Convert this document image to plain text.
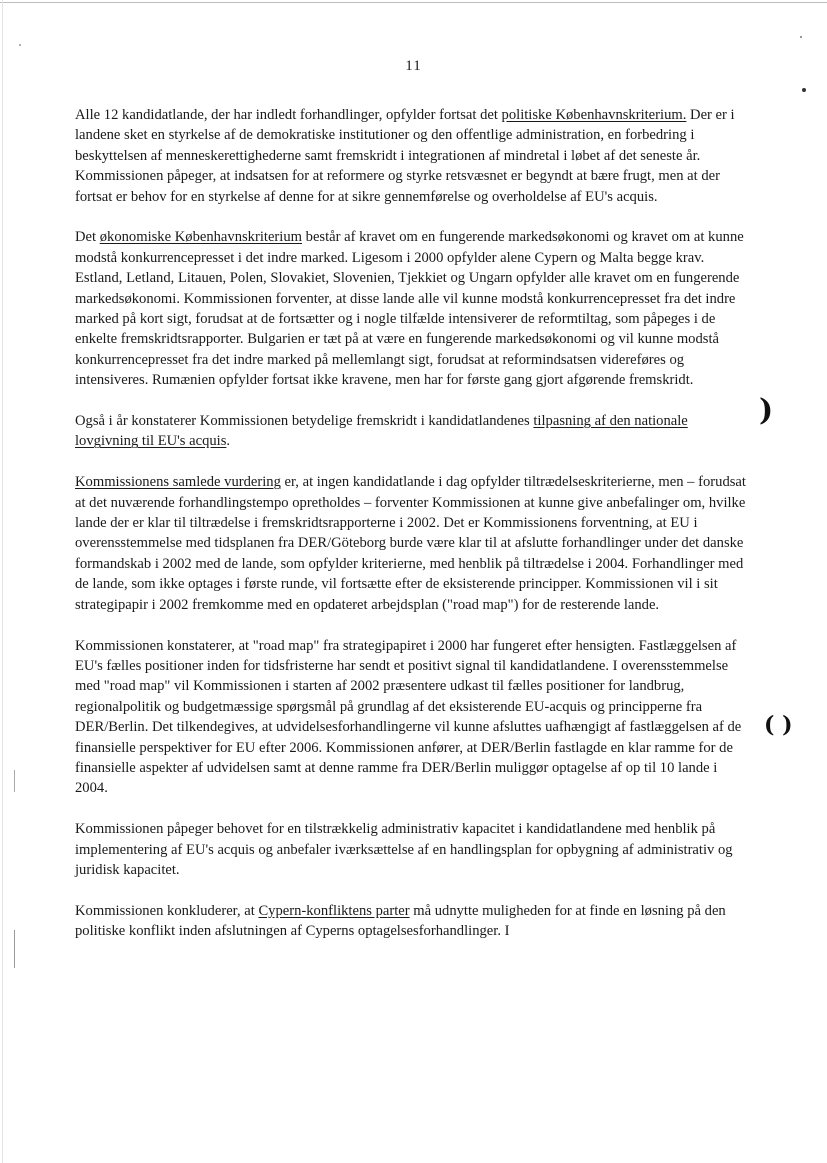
11

Alle 12 kandidatlande, der har indledt forhandlinger, opfylder fortsat det politiske Københavnskriterium. Der er i landene sket en styrkelse af de demokratiske institutioner og den offentlige administration, en forbedring i beskyttelsen af menneskerettighederne samt fremskridt i integrationen af mindretal i løbet af det seneste år. Kommissionen påpeger, at indsatsen for at reformere og styrke retsvæsnet er begyndt at bære frugt, men at der fortsat er behov for en styrkelse af denne for at sikre gennemførelse og overholdelse af EU's acquis.

Det økonomiske Københavnskriterium består af kravet om en fungerende markedsøkonomi og kravet om at kunne modstå konkurrencepresset i det indre marked. Ligesom i 2000 opfylder alene Cypern og Malta begge krav. Estland, Letland, Litauen, Polen, Slovakiet, Slovenien, Tjekkiet og Ungarn opfylder alle kravet om en fungerende markedsøkonomi. Kommissionen forventer, at disse lande alle vil kunne modstå konkurrencepresset fra det indre marked på kort sigt, forudsat at de fortsætter og i nogle tilfælde intensiverer de reformtiltag, som påpeges i de enkelte fremskridtsrapporter. Bulgarien er tæt på at være en fungerende markedsøkonomi og vil kunne modstå konkurrencepresset fra det indre marked på mellemlangt sigt, forudsat at reformindsatsen videreføres og intensiveres. Rumænien opfylder fortsat ikke kravene, men har for første gang gjort afgørende fremskridt.

Også i år konstaterer Kommissionen betydelige fremskridt i kandidatlandenes tilpasning af den nationale lovgivning til EU's acquis.

Kommissionens samlede vurdering er, at ingen kandidatlande i dag opfylder tiltrædelseskriterierne, men – forudsat at det nuværende forhandlingstempo opretholdes – forventer Kommissionen at kunne give anbefalinger om, hvilke lande der er klar til tiltrædelse i fremskridtsrapporterne i 2002. Det er Kommissionens forventning, at EU i overensstemmelse med tidsplanen fra DER/Göteborg burde være klar til at afslutte forhandlinger under det danske formandskab i 2002 med de lande, som opfylder kriterierne, med henblik på tiltrædelse i 2004. Forhandlinger med de lande, som ikke optages i første runde, vil fortsætte efter de eksisterende principper. Kommissionen vil i sit strategipapir i 2002 fremkomme med en opdateret arbejdsplan ("road map") for de resterende lande.

Kommissionen konstaterer, at "road map" fra strategipapiret i 2000 har fungeret efter hensigten. Fastlæggelsen af EU's fælles positioner inden for tidsfristerne har sendt et positivt signal til kandidatlandene. I overensstemmelse med "road map" vil Kommissionen i starten af 2002 præsentere udkast til fælles positioner for landbrug, regionalpolitik og budgetmæssige spørgsmål på grundlag af det eksisterende EU-acquis og principperne fra DER/Berlin. Det tilkendegives, at udvidelsesforhandlingerne vil kunne afsluttes uafhængigt af fastlæggelsen af de finansielle perspektiver for EU efter 2006. Kommissionen anfører, at DER/Berlin fastlagde en klar ramme for de finansielle aspekter af udvidelsen samt at denne ramme fra DER/Berlin muliggør optagelse af op til 10 lande i 2004.

Kommissionen påpeger behovet for en tilstrækkelig administrativ kapacitet i kandidatlandene med henblik på implementering af EU's acquis og anbefaler iværksættelse af en handlingsplan for opbygning af administrativ og juridisk kapacitet.

Kommissionen konkluderer, at Cypern-konfliktens parter må udnytte muligheden for at finde en løsning på den politiske konflikt inden afslutningen af Cyperns optagelsesforhandlinger. I

)
( )
